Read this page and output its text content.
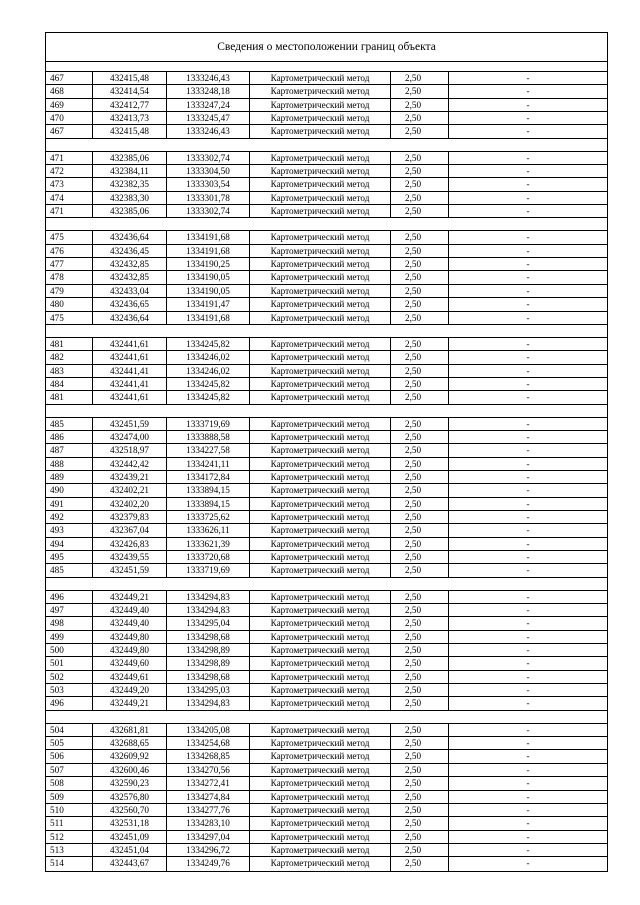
Сведения о местоположении границ объекта
467	432415,48	1333246,43	Картометрический метод	2,50	-
468	432414,54	1333248,18	Картометрический метод	2,50	-
469	432412,77	1333247,24	Картометрический метод	2,50	-
470	432413,73	1333245,47	Картометрический метод	2,50	-
467	432415,48	1333246,43	Картометрический метод	2,50	-
471	432385,06	1333302,74	Картометрический метод	2,50	-
472	432384,11	1333304,50	Картометрический метод	2,50	-
473	432382,35	1333303,54	Картометрический метод	2,50	-
474	432383,30	1333301,78	Картометрический метод	2,50	-
471	432385,06	1333302,74	Картометрический метод	2,50	-
475	432436,64	1334191,68	Картометрический метод	2,50	-
476	432436,45	1334191,68	Картометрический метод	2,50	-
477	432432,85	1334190,25	Картометрический метод	2,50	-
478	432432,85	1334190,05	Картометрический метод	2,50	-
479	432433,04	1334190,05	Картометрический метод	2,50	-
480	432436,65	1334191,47	Картометрический метод	2,50	-
475	432436,64	1334191,68	Картометрический метод	2,50	-
481	432441,61	1334245,82	Картометрический метод	2,50	-
482	432441,61	1334246,02	Картометрический метод	2,50	-
483	432441,41	1334246,02	Картометрический метод	2,50	-
484	432441,41	1334245,82	Картометрический метод	2,50	-
481	432441,61	1334245,82	Картометрический метод	2,50	-
485	432451,59	1333719,69	Картометрический метод	2,50	-
486	432474,00	1333888,58	Картометрический метод	2,50	-
487	432518,97	1334227,58	Картометрический метод	2,50	-
488	432442,42	1334241,11	Картометрический метод	2,50	-
489	432439,21	1334172,84	Картометрический метод	2,50	-
490	432402,21	1333894,15	Картометрический метод	2,50	-
491	432402,20	1333894,15	Картометрический метод	2,50	-
492	432379,83	1333725,62	Картометрический метод	2,50	-
493	432367,04	1333626,11	Картометрический метод	2,50	-
494	432426,83	1333621,39	Картометрический метод	2,50	-
495	432439,55	1333720,68	Картометрический метод	2,50	-
485	432451,59	1333719,69	Картометрический метод	2,50	-
496	432449,21	1334294,83	Картометрический метод	2,50	-
497	432449,40	1334294,83	Картометрический метод	2,50	-
498	432449,40	1334295,04	Картометрический метод	2,50	-
499	432449,80	1334298,68	Картометрический метод	2,50	-
500	432449,80	1334298,89	Картометрический метод	2,50	-
501	432449,60	1334298,89	Картометрический метод	2,50	-
502	432449,61	1334298,68	Картометрический метод	2,50	-
503	432449,20	1334295,03	Картометрический метод	2,50	-
496	432449,21	1334294,83	Картометрический метод	2,50	-
504	432681,81	1334205,08	Картометрический метод	2,50	-
505	432688,65	1334254,68	Картометрический метод	2,50	-
506	432609,92	1334268,85	Картометрический метод	2,50	-
507	432600,46	1334270,56	Картометрический метод	2,50	-
508	432590,23	1334272,41	Картометрический метод	2,50	-
509	432576,80	1334274,84	Картометрический метод	2,50	-
510	432560,70	1334277,76	Картометрический метод	2,50	-
511	432531,18	1334283,10	Картометрический метод	2,50	-
512	432451,09	1334297,04	Картометрический метод	2,50	-
513	432451,04	1334296,72	Картометрический метод	2,50	-
514	432443,67	1334249,76	Картометрический метод	2,50	-
